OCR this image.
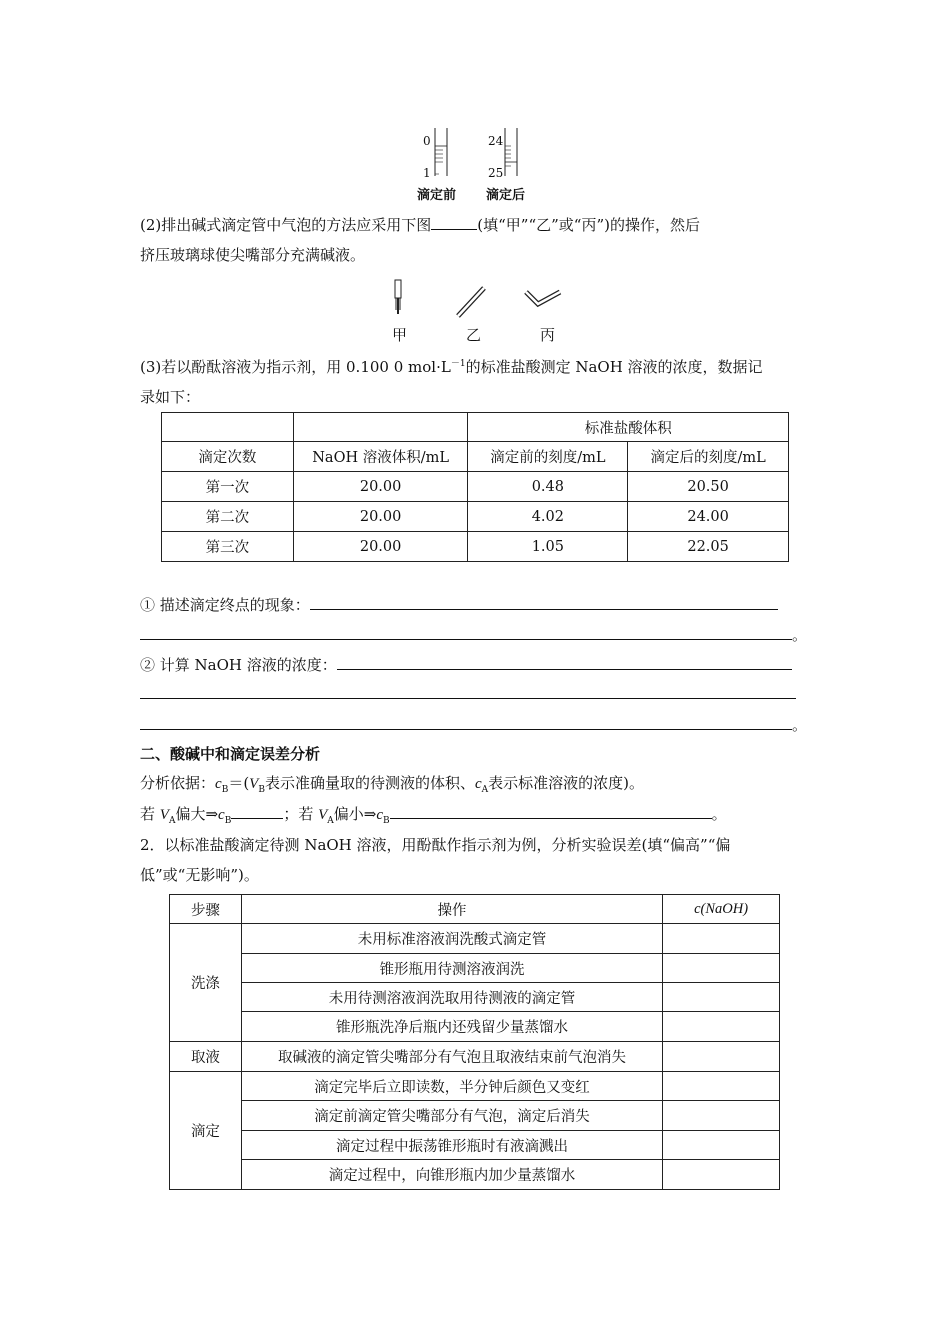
0
1
24
25
滴定前 滴定后
(2)排出碱式滴定管中气泡的方法应采用下图	(填“甲”“乙”或“丙”)的操作，然后
挤压玻璃球使尖嘴部分充满碱液。
甲	乙	丙
(3)若以酚酞溶液为指示剂，用 0.100 0 $mol\cdot L^{-1}$的标准盐酸测定 NaOH 溶液的浓度，数据记
录如下：
		标准盐酸体积	
滴定次数	NaOH 溶液体积/mL	滴定前的刻度/mL	滴定后的刻度/mL
第一次	20.00	0.48	20.50
第二次	20.00	4.02	24.00
第三次	20.00	1.05	22.05
① 描述滴定终点的现象：
。
② 计算 NaOH 溶液的浓度：
。
二、酸碱中和滴定误差分析
分析依据：$c_B=(V_B$表示准确量取的待测液的体积、$c_A$表示标准溶液的浓度)。
若 $V_A$偏大$\Rightarrow c_B$	；若 $V_A$偏小$\Rightarrow c_B$	。
2．以标准盐酸滴定待测 NaOH 溶液，用酚酞作指示剂为例，分析实验误差(填“偏高”“偏
低”或“无影响”)。
步骤	操作	c(NaOH)
洗涤	未用标准溶液润洗酸式滴定管	
	锥形瓶用待测溶液润洗	
	未用待测溶液润洗取用待测液的滴定管	
	锥形瓶洗净后瓶内还残留少量蒸馏水	
取液	取碱液的滴定管尖嘴部分有气泡且取液结束前气泡消失	
滴定	滴定完毕后立即读数，半分钟后颜色又变红	
	滴定前滴定管尖嘴部分有气泡，滴定后消失	
	滴定过程中振荡锥形瓶时有液滴溅出	
	滴定过程中，向锥形瓶内加少量蒸馏水	
